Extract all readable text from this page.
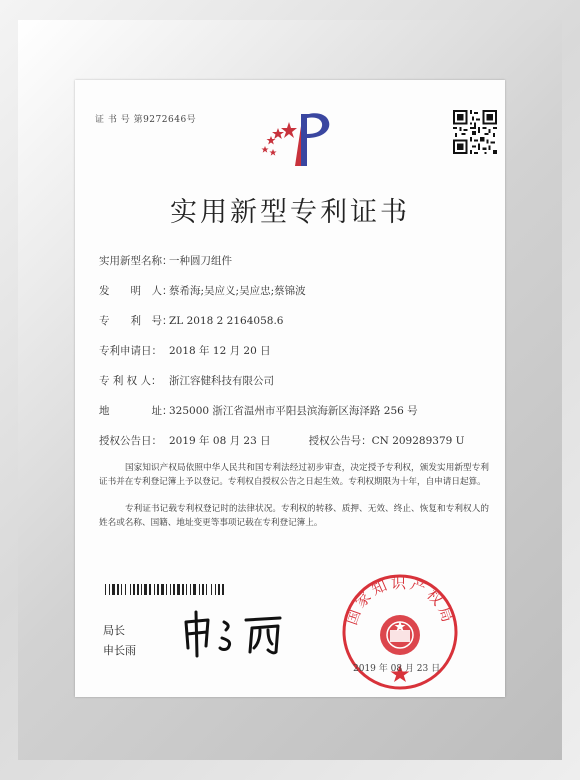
证 书 号 第9272646号
实用新型专利证书
实用新型名称：一种圆刀组件
发　　明　人：蔡希海;吴应义;吴应忠;蔡锦波
专　　利　号：ZL 2018 2 2164058.6
专利申请日： 2018 年 12 月 20 日
专 利 权 人： 浙江容健科技有限公司
地　　　　址：325000 浙江省温州市平阳县滨海新区海泽路 256 号
授权公告日： 2019 年 08 月 23 日	授权公告号：CN 209289379 U

国家知识产权局依照中华人民共和国专利法经过初步审查，决定授予专利权，颁发实用新型专利证书并在专利登记簿上予以登记。专利权自授权公告之日起生效。专利权期限为十年，自申请日起算。

专利证书记载专利权登记时的法律状况。专利权的转移、质押、无效、终止、恢复和专利权人的姓名或名称、国籍、地址变更等事项记载在专利登记簿上。

局长
申长雨
国家知识产权局
2019 年 08 月 23 日
